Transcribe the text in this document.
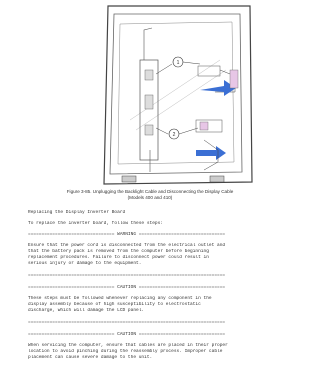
1
2
Figure 3-85. Unplugging the Backlight Cable and Disconnecting the Display Cable
(Models 400 and 410)
Replacing the Display Inverter Board
To replace the inverter board, follow these steps:
================================ WARNING ================================
Ensure that the power cord is disconnected from the electrical outlet and
that the battery pack is removed from the computer before beginning
replacement procedures. Failure to disconnect power could result in
serious injury or damage to the equipment.
=========================================================================
================================ CAUTION ================================
These steps must be followed whenever replacing any component in the
display assembly because of high susceptibility to electrostatic
discharge, which will damage the LCD panel.
=========================================================================
================================ CAUTION ================================
When servicing the computer, ensure that cables are placed in their proper
location to avoid pinching during the reassembly process. Improper cable
placement can cause severe damage to the unit.
